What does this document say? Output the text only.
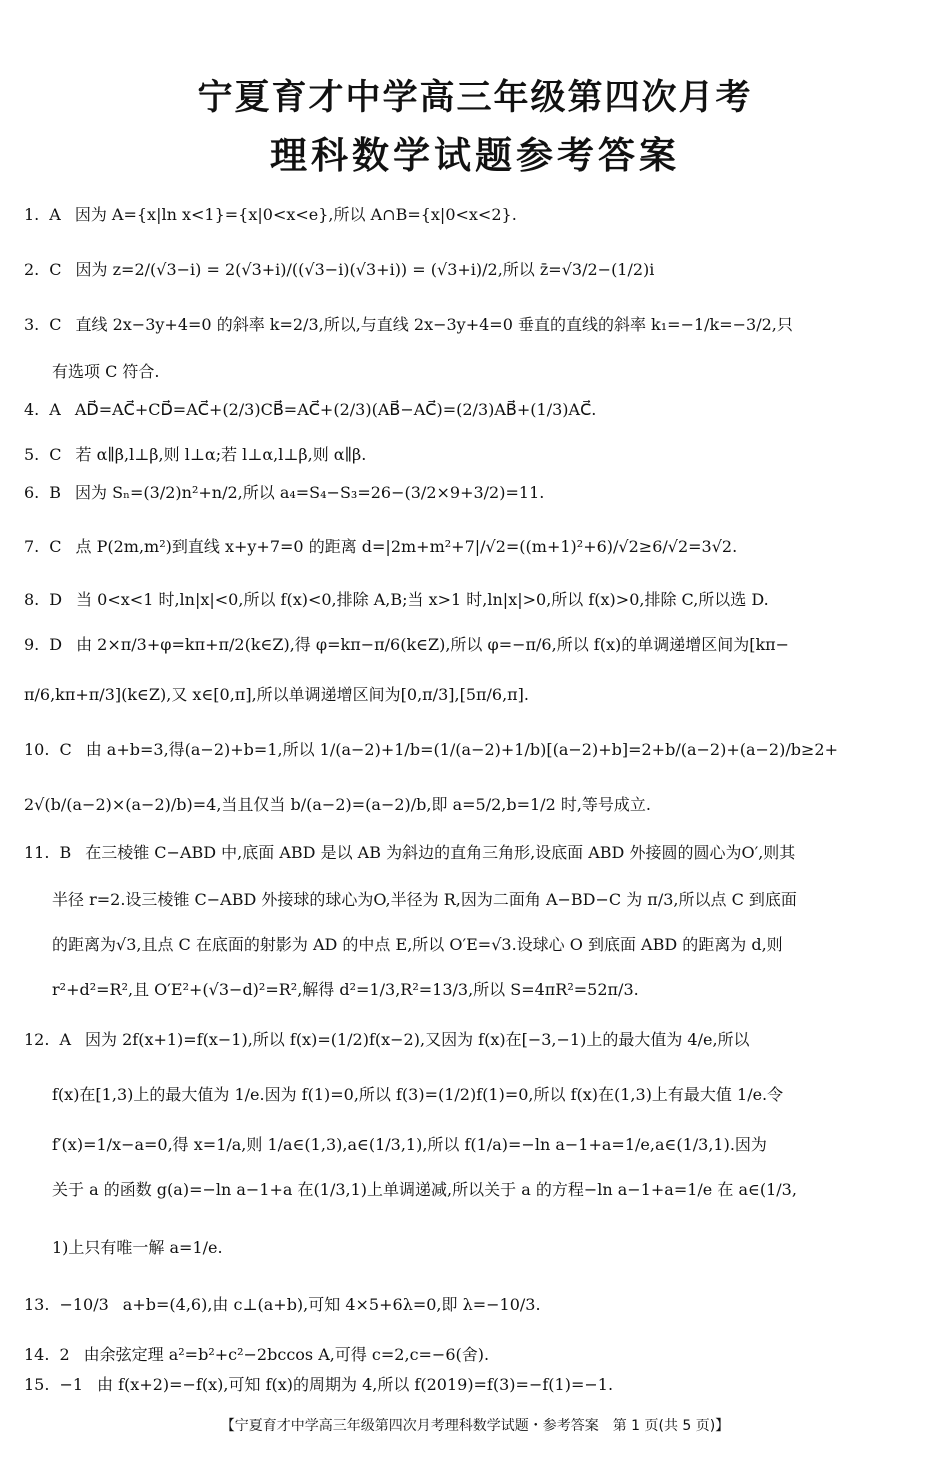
宁夏育才中学高三年级第四次月考
理科数学试题参考答案
1. A 因为 A={x|ln x<1}={x|0<x<e},所以 A∩B={x|0<x<2}.
2. C 因为 z=2/(√3−i) = 2(√3+i)/((√3−i)(√3+i)) = (√3+i)/2,所以 z̄=√3/2−(1/2)i
3. C 直线 2x−3y+4=0 的斜率 k=2/3,所以,与直线 2x−3y+4=0 垂直的直线的斜率 k₁=−1/k=−3/2,只
有选项 C 符合.
4. A AD⃗=AC⃗+CD⃗=AC⃗+(2/3)CB⃗=AC⃗+(2/3)(AB⃗−AC⃗)=(2/3)AB⃗+(1/3)AC⃗.
5. C 若 α∥β,l⊥β,则 l⊥α;若 l⊥α,l⊥β,则 α∥β.
6. B 因为 Sₙ=(3/2)n²+n/2,所以 a₄=S₄−S₃=26−(3/2×9+3/2)=11.
7. C 点 P(2m,m²)到直线 x+y+7=0 的距离 d=|2m+m²+7|/√2=((m+1)²+6)/√2≥6/√2=3√2.
8. D 当 0<x<1 时,ln|x|<0,所以 f(x)<0,排除 A,B;当 x>1 时,ln|x|>0,所以 f(x)>0,排除 C,所以选 D.
9. D 由 2×π/3+φ=kπ+π/2(k∈Z),得 φ=kπ−π/6(k∈Z),所以 φ=−π/6,所以 f(x)的单调递增区间为[kπ−
π/6,kπ+π/3](k∈Z),又 x∈[0,π],所以单调递增区间为[0,π/3],[5π/6,π].
10. C 由 a+b=3,得(a−2)+b=1,所以 1/(a−2)+1/b=(1/(a−2)+1/b)[(a−2)+b]=2+b/(a−2)+(a−2)/b≥2+
2√(b/(a−2)×(a−2)/b)=4,当且仅当 b/(a−2)=(a−2)/b,即 a=5/2,b=1/2 时,等号成立.
11. B 在三棱锥 C−ABD 中,底面 ABD 是以 AB 为斜边的直角三角形,设底面 ABD 外接圆的圆心为O′,则其
半径 r=2.设三棱锥 C−ABD 外接球的球心为O,半径为 R,因为二面角 A−BD−C 为 π/3,所以点 C 到底面
的距离为√3,且点 C 在底面的射影为 AD 的中点 E,所以 O′E=√3.设球心 O 到底面 ABD 的距离为 d,则
r²+d²=R²,且 O′E²+(√3−d)²=R²,解得 d²=1/3,R²=13/3,所以 S=4πR²=52π/3.
12. A 因为 2f(x+1)=f(x−1),所以 f(x)=(1/2)f(x−2),又因为 f(x)在[−3,−1)上的最大值为 4/e,所以
f(x)在[1,3)上的最大值为 1/e.因为 f(1)=0,所以 f(3)=(1/2)f(1)=0,所以 f(x)在(1,3)上有最大值 1/e.令
f′(x)=1/x−a=0,得 x=1/a,则 1/a∈(1,3),a∈(1/3,1),所以 f(1/a)=−ln a−1+a=1/e,a∈(1/3,1).因为
关于 a 的函数 g(a)=−ln a−1+a 在(1/3,1)上单调递减,所以关于 a 的方程−ln a−1+a=1/e 在 a∈(1/3,
1)上只有唯一解 a=1/e.
13. −10/3 a+b=(4,6),由 c⊥(a+b),可知 4×5+6λ=0,即 λ=−10/3.
14. 2 由余弦定理 a²=b²+c²−2bccos A,可得 c=2,c=−6(舍).
15. −1 由 f(x+2)=−f(x),可知 f(x)的周期为 4,所以 f(2019)=f(3)=−f(1)=−1.
【宁夏育才中学高三年级第四次月考理科数学试题・参考答案　第 1 页(共 5 页)】
